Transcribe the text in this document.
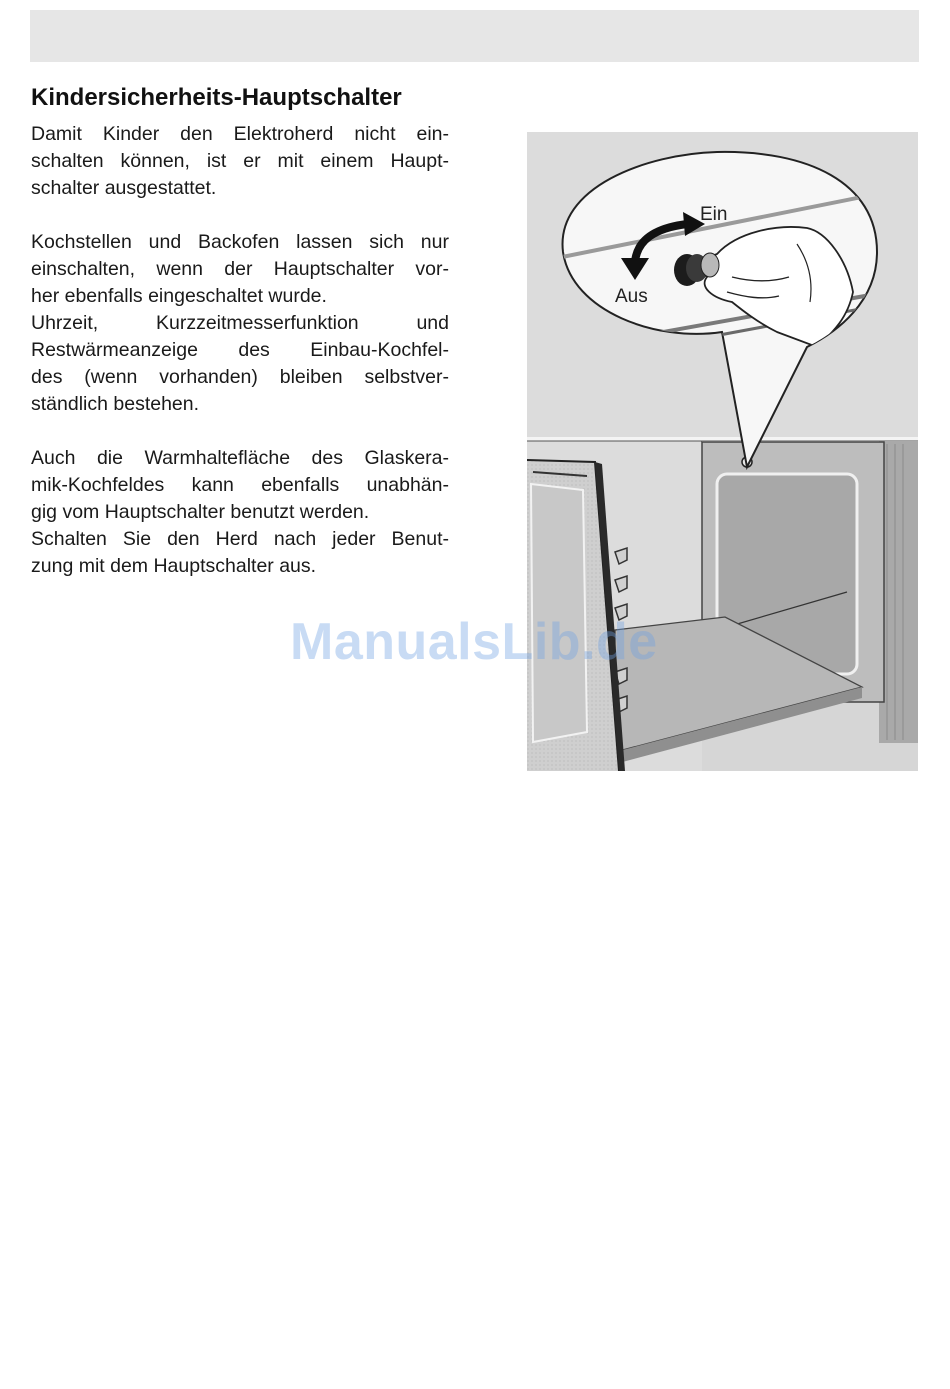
Kindersicherheits-Hauptschalter

Damit Kinder den Elektroherd nicht ein-
schalten können, ist er mit einem Haupt-
schalter ausgestattet.

Kochstellen und Backofen lassen sich nur
einschalten, wenn der Hauptschalter vor-
her ebenfalls eingeschaltet wurde.

Uhrzeit, Kurzzeitmesserfunktion und
Restwärmeanzeige des Einbau-Kochfel-
des (wenn vorhanden) bleiben selbstver-
ständlich bestehen.

Auch die Warmhaltefläche des Glaskera-
mik-Kochfeldes kann ebenfalls unabhän-
gig vom Hauptschalter benutzt werden.

Schalten Sie den Herd nach jeder Benut-
zung mit dem Hauptschalter aus.

Ein
Aus
ManualsLib.de
